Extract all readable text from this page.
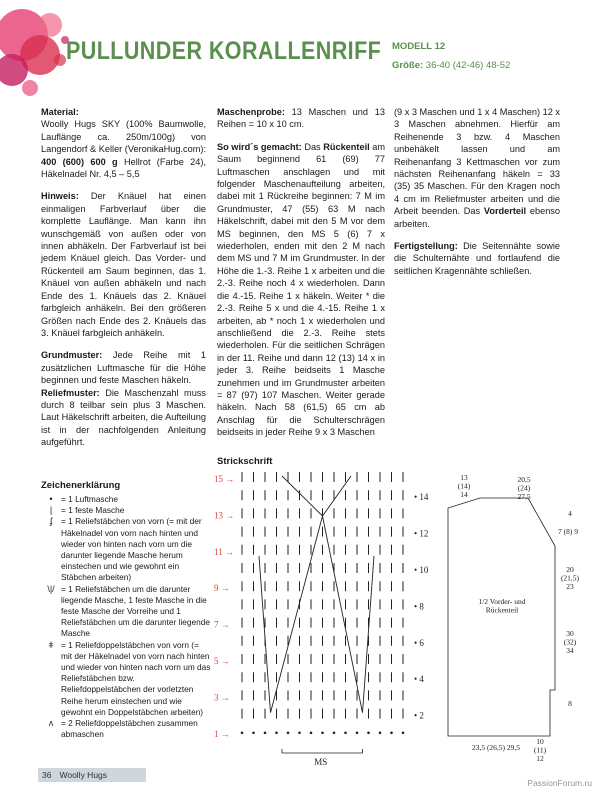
PULLUNDER KORALLENRIFF MODELL 12
Größe: 36-40 (42-46) 48-52

Material:
Woolly Hugs SKY (100% Baumwolle, Lauflänge ca. 250m/100g) von Langendorf & Keller (VeronikaHug.com): 400 (600) 600 g Hellrot (Farbe 24), Häkelnadel Nr. 4,5 – 5,5

Hinweis: Der Knäuel hat einen einmaligen Farbverlauf über die komplette Lauflänge. Man kann ihn wunschgemäß von außen oder von innen abhäkeln. Der Farbverlauf ist bei jedem Knäuel gleich. Das Vorder- und Rückenteil am Saum beginnen, das 1. Knäuel von außen abhäkeln und nach Ende des 1. Knäuels das 2. Knäuel farbgleich anhäkeln. Bei den größeren Größen nach Ende des 2. Knäuels das 3. Knäuel farbgleich anhäkeln.

Grundmuster: Jede Reihe mit 1 zusätzlichen Luftmasche für die Höhe beginnen und feste Maschen häkeln.
Reliefmuster: Die Maschenzahl muss durch 8 teilbar sein plus 3 Maschen. Laut Häkelschrift arbeiten, die Aufteilung ist in der nachfolgenden Anleitung aufgeführt.

Maschenprobe: 13 Maschen und 13 Reihen = 10 x 10 cm.

So wird´s gemacht: Das Rückenteil am Saum beginnend 61 (69) 77 Luftmaschen anschlagen und mit folgender Maschenaufteilung arbeiten, dabei mit 1 Rückreihe beginnen: 7 M im Grundmuster, 47 (55) 63 M nach Häkelschrift, dabei mit den 5 M vor dem MS beginnen, den MS 5 (6) 7 x wiederholen, enden mit den 2 M nach dem MS und 7 M im Grundmuster. In der Höhe die 1.-3. Reihe 1 x arbeiten und die 2.-3. Reihe noch 4 x wiederholen. Dann die 4.-15. Reihe 1 x häkeln. Weiter * die 2.-3. Reihe 5 x und die 4.-15. Reihe 1 x arbeiten, ab * noch 1 x wiederholen und anschließend die 2.-3. Reihe stets wiederholen. Für die seitlichen Schrägen in der 11. Reihe und dann 12 (13) 14 x in jeder 3. Reihe beidseits 1 Masche zunehmen und im Grundmuster arbeiten = 87 (97) 107 Maschen. Weiter gerade häkeln. Nach 58 (61,5) 65 cm ab Anschlag für die Schulterschrägen beidseits in jeder Reihe 9 x 3 Maschen

(9 x 3 Maschen und 1 x 4 Maschen) 12 x 3 Maschen abnehmen. Hierfür am Reihenende 3 bzw. 4 Maschen unbehäkelt lassen und am Reihenanfang 3 Kettmaschen vor zum nächsten Reihenanfang häkeln = 33 (35) 35 Maschen. Für den Kragen noch 4 cm im Reliefmuster arbeiten und die Arbeit beenden. Das Vorderteil ebenso arbeiten.

Fertigstellung: Die Seitennähte sowie die Schulternähte und fortlaufend die seitlichen Kragennähte schließen.

Zeichenerklärung
•	= 1 Luftmasche
|	= 1 feste Masche
ʄ	= 1 Reliefstäbchen von vorn (= mit der Häkelnadel von vorn nach hinten und wieder von hinten nach vorn um die darunter liegende Masche herum einstechen und wie gewohnt ein Stäbchen arbeiten)
\|/ = 1 Reliefstäbchen um die darunter liegende Masche, 1 feste Masche in die feste Masche der Vorreihe und 1 Reliefstäbchen um die darunter liegende Masche
ǂ = 1 Reliefdoppelstäbchen von vorn (= mit der Häkelnadel von vorn nach hinten und wieder von hinten nach vorn um das Reliefstäbchen bzw. Reliefdoppelstäbchen der vorletzten Reihe herum einstechen und wie gewohnt ein Doppelstäbchen arbeiten)
ʌ = 2 Reliefdoppelstäbchen zusammen abmaschen
Strickschrift
15 →
13 →
11 →
9 →
7 →
5 →
3 →
1 →
• 14
• 12
• 10
• 8
• 6
• 4
• 2
MS
13 (14) 14
20,5 (24) 27,5
4
7 (8) 9
20 (21,5) 23
30 (32) 34
8
1/2 Vorder- und Rückenteil
23,5 (26,5) 29,5
10 (11) 12
36 Woolly Hugs
PassionForum.ru
